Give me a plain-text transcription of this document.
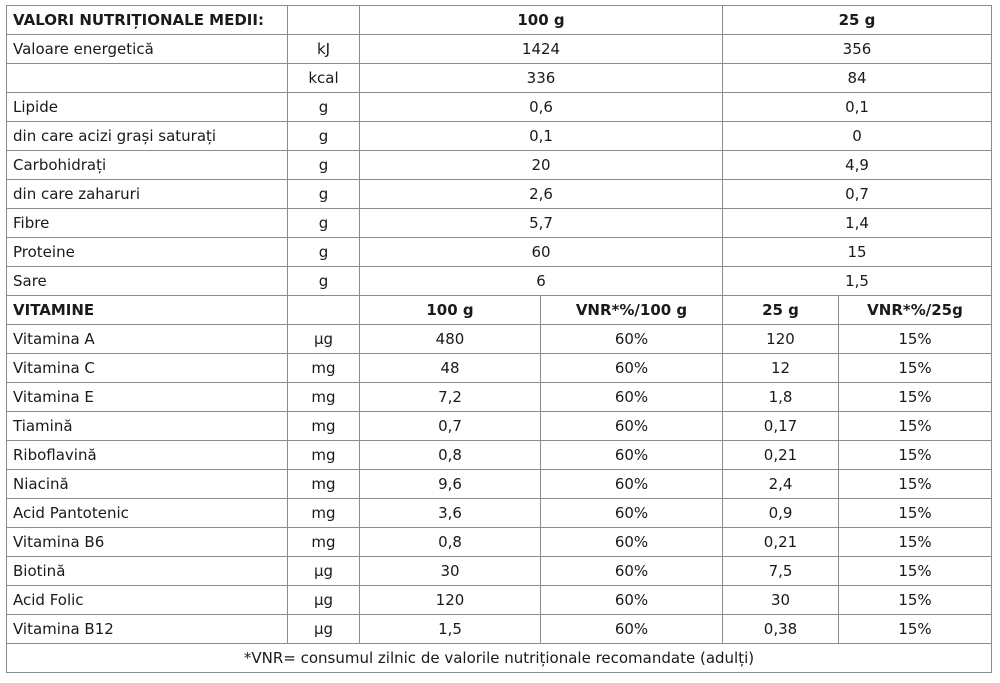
VALORI NUTRIȚIONALE MEDII:		100 g		25 g	
Valoare energetică	kJ	1424		356	
	kcal	336		84	
Lipide	g	0,6		0,1	
din care acizi grași saturați	g	0,1		0	
Carbohidrați	g	20		4,9	
din care zaharuri	g	2,6		0,7	
Fibre	g	5,7		1,4	
Proteine	g	60		15	
Sare	g	6		1,5	
VITAMINE		100 g	VNR*%/100 g	25 g	VNR*%/25g
Vitamina A	µg	480	60%	120	15%
Vitamina C	mg	48	60%	12	15%
Vitamina E	mg	7,2	60%	1,8	15%
Tiamină	mg	0,7	60%	0,17	15%
Riboflavină	mg	0,8	60%	0,21	15%
Niacină	mg	9,6	60%	2,4	15%
Acid Pantotenic	mg	3,6	60%	0,9	15%
Vitamina B6	mg	0,8	60%	0,21	15%
Biotină	µg	30	60%	7,5	15%
Acid Folic	µg	120	60%	30	15%
Vitamina B12	µg	1,5	60%	0,38	15%
*VNR= consumul zilnic de valorile nutriționale recomandate (adulți)					
